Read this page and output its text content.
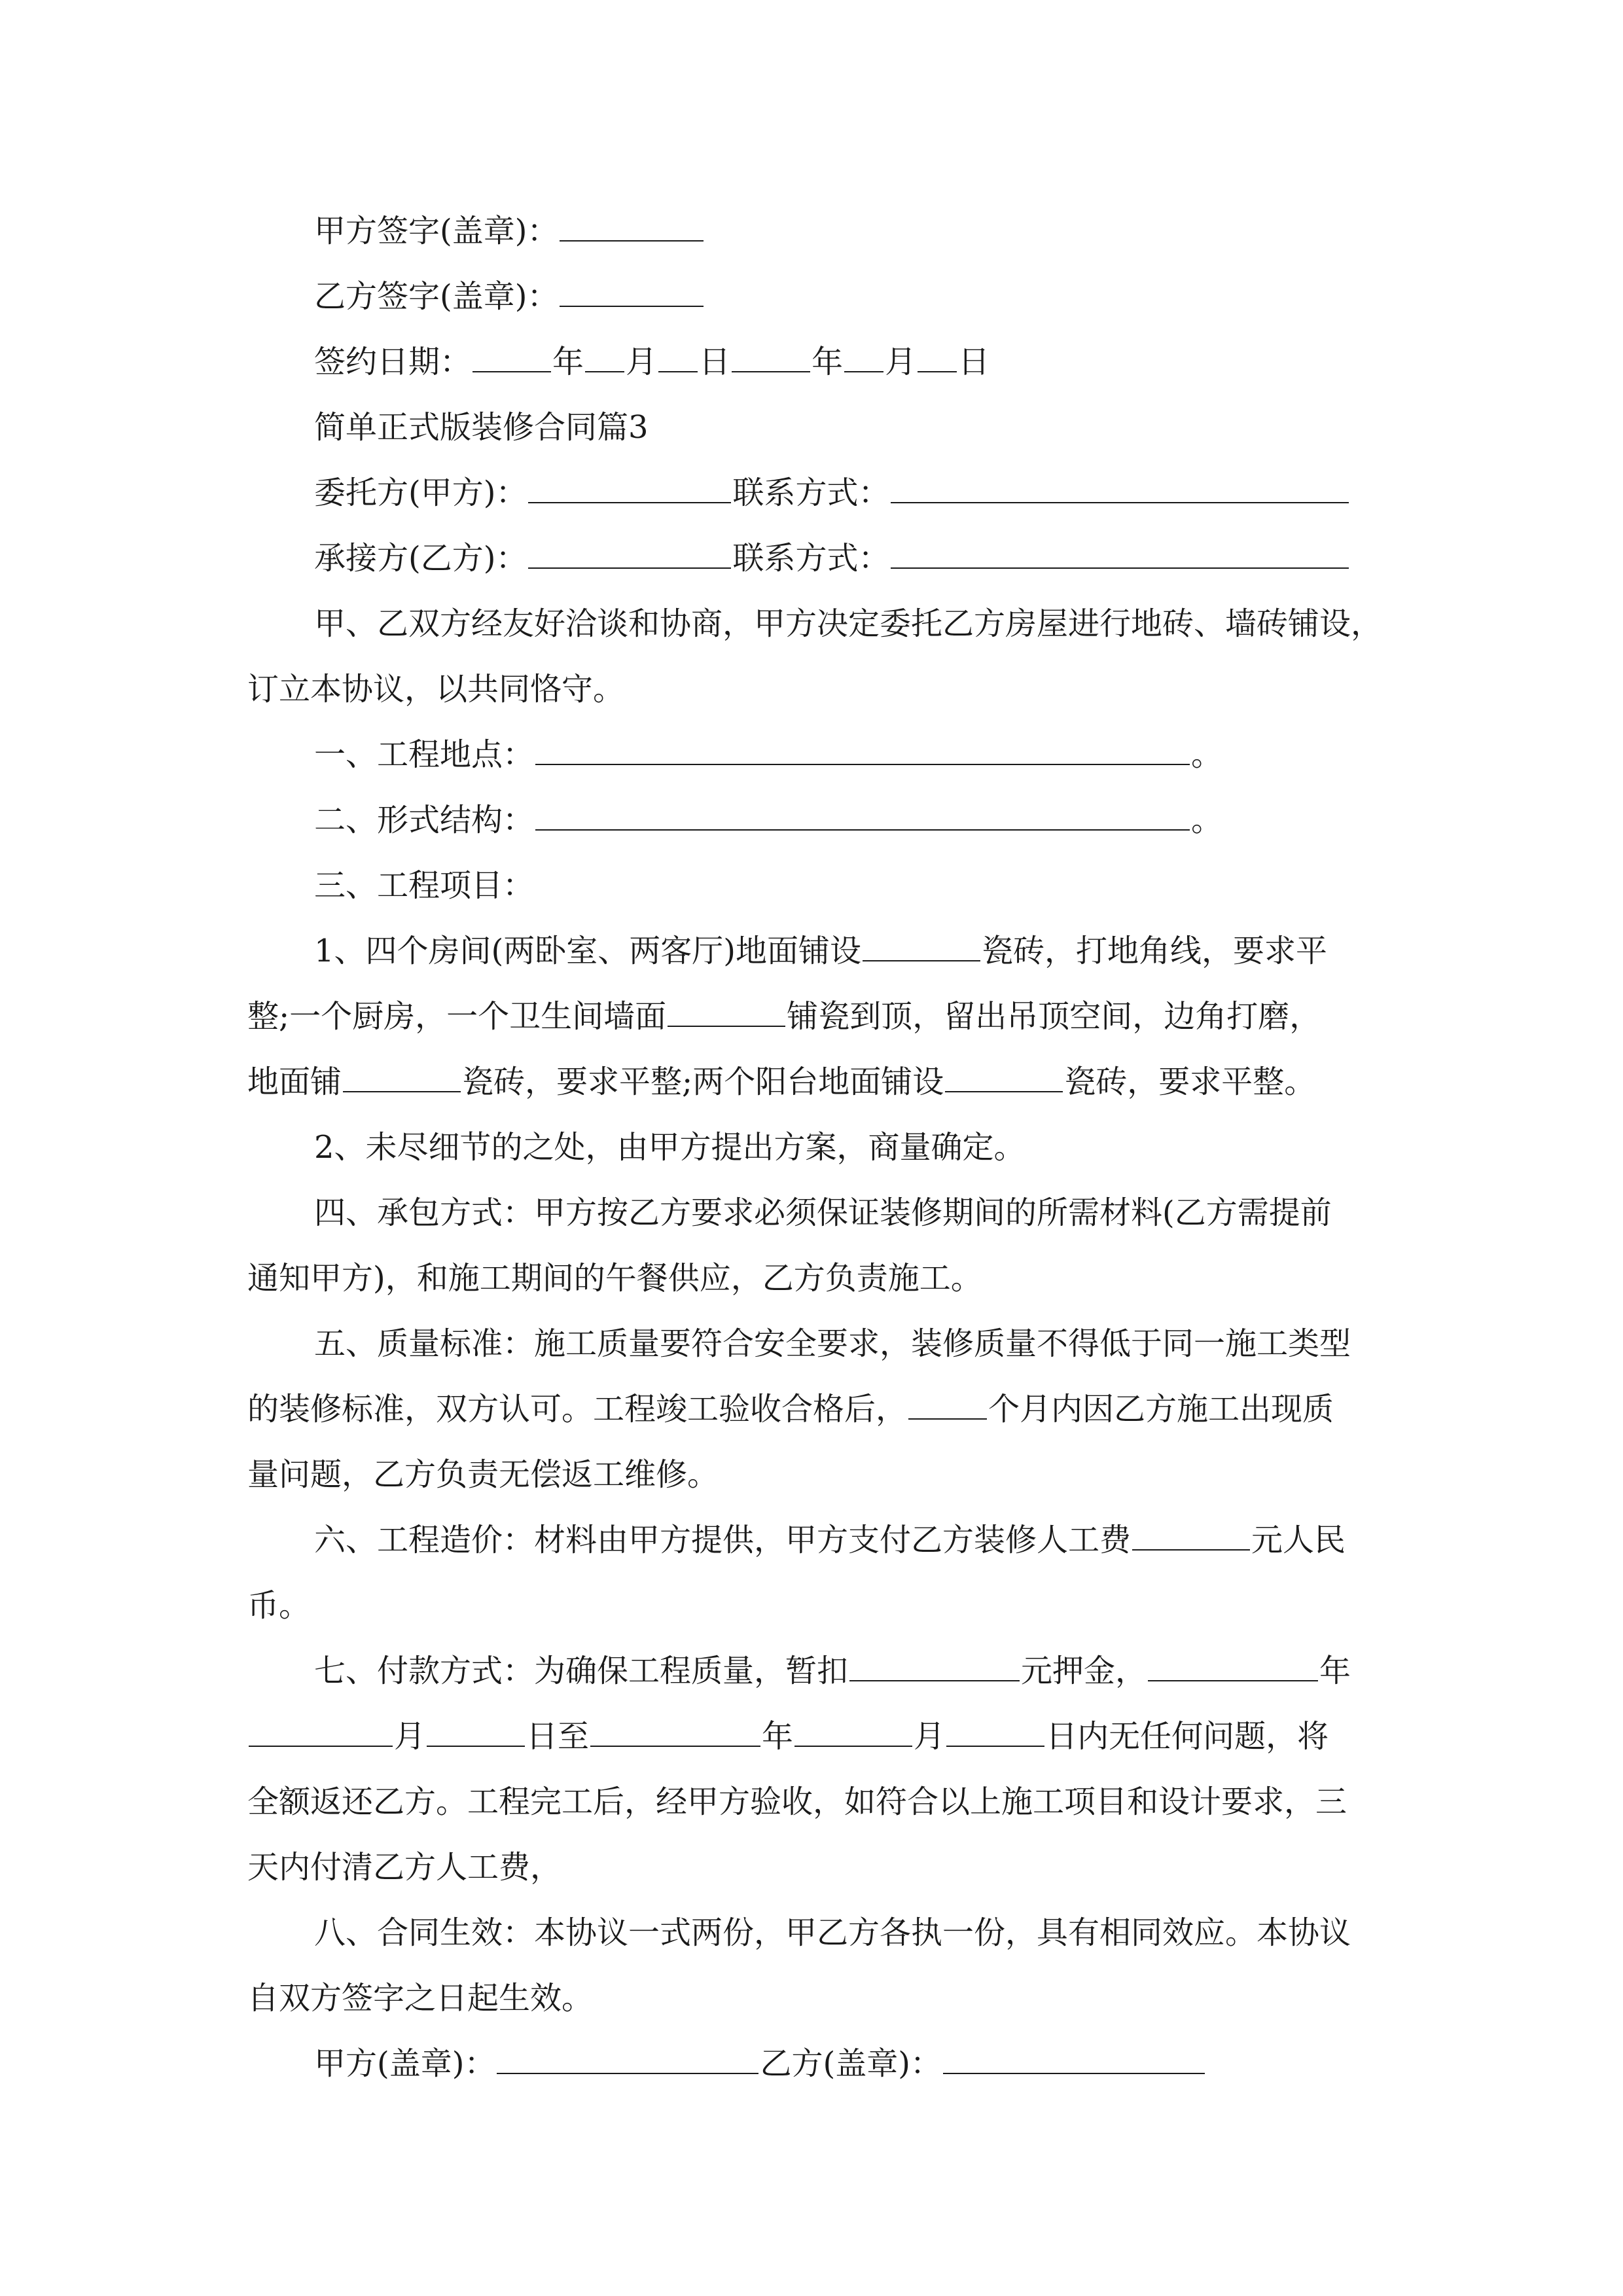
甲方签字(盖章)：
乙方签字(盖章)：
签约日期：	年 月 日	年 月 日
简单正式版装修合同篇3
委托方(甲方)：	联系方式：
承接方(乙方)：	联系方式：
甲、乙双方经友好洽谈和协商，甲方决定委托乙方房屋进行地砖、墙砖铺设，
订立本协议，以共同恪守。
一、工程地点：	。
二、形式结构：	。
三、工程项目：
1、四个房间(两卧室、两客厅)地面铺设	瓷砖，打地角线，要求平
整;一个厨房，一个卫生间墙面	铺瓷到顶，留出吊顶空间，边角打磨，
地面铺	瓷砖，要求平整;两个阳台地面铺设	瓷砖，要求平整。
2、未尽细节的之处，由甲方提出方案，商量确定。
四、承包方式：甲方按乙方要求必须保证装修期间的所需材料(乙方需提前
通知甲方)，和施工期间的午餐供应，乙方负责施工。
五、质量标准：施工质量要符合安全要求，装修质量不得低于同一施工类型
的装修标准，双方认可。工程竣工验收合格后，	个月内因乙方施工出现质
量问题，乙方负责无偿返工维修。
六、工程造价：材料由甲方提供，甲方支付乙方装修人工费	元人民
币。
七、付款方式：为确保工程质量，暂扣	元押金，	年
月	日至	年	月	日内无任何问题，将
全额返还乙方。工程完工后，经甲方验收，如符合以上施工项目和设计要求，三
天内付清乙方人工费，
八、合同生效：本协议一式两份，甲乙方各执一份，具有相同效应。本协议
自双方签字之日起生效。
甲方(盖章)：	乙方(盖章)：
